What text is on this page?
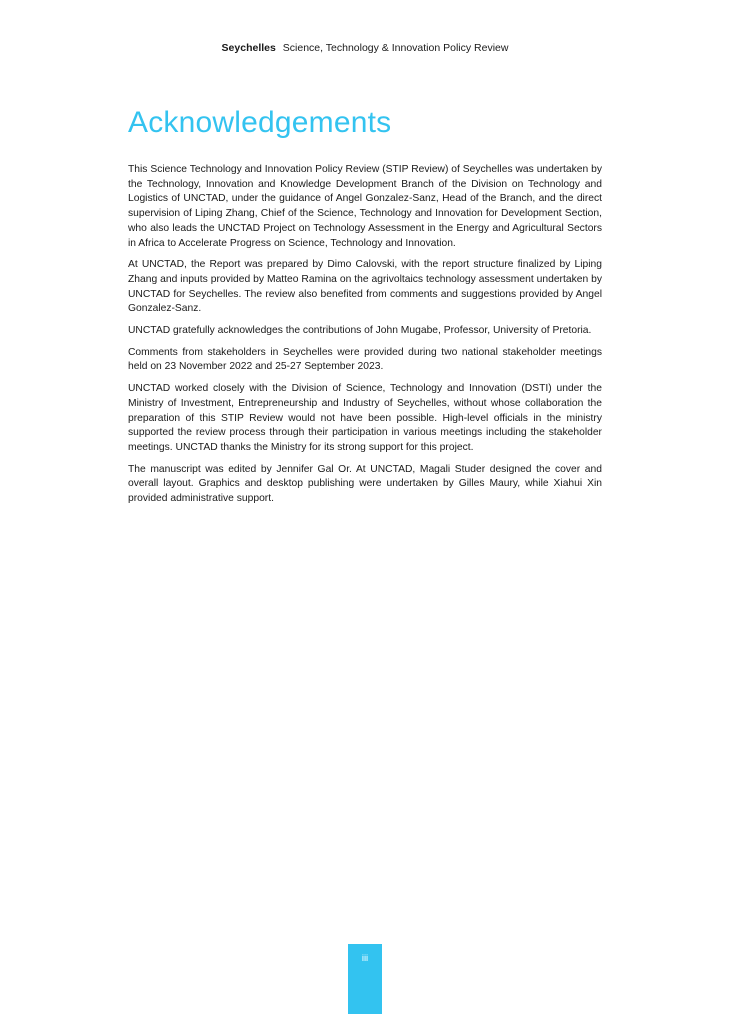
Seychelles Science, Technology & Innovation Policy Review
Acknowledgements

This Science Technology and Innovation Policy Review (STIP Review) of Seychelles was undertaken by the Technology, Innovation and Knowledge Development Branch of the Division on Technology and Logistics of UNCTAD, under the guidance of Angel Gonzalez-Sanz, Head of the Branch, and the direct supervision of Liping Zhang, Chief of the Science, Technology and Innovation for Development Section, who also leads the UNCTAD Project on Technology Assessment in the Energy and Agricultural Sectors in Africa to Accelerate Progress on Science, Technology and Innovation.

At UNCTAD, the Report was prepared by Dimo Calovski, with the report structure finalized by Liping Zhang and inputs provided by Matteo Ramina on the agrivoltaics technology assessment undertaken by UNCTAD for Seychelles. The review also benefited from comments and suggestions provided by Angel Gonzalez-Sanz.

UNCTAD gratefully acknowledges the contributions of John Mugabe, Professor, University of Pretoria.

Comments from stakeholders in Seychelles were provided during two national stakeholder meetings held on 23 November 2022 and 25-27 September 2023.

UNCTAD worked closely with the Division of Science, Technology and Innovation (DSTI) under the Ministry of Investment, Entrepreneurship and Industry of Seychelles, without whose collaboration the preparation of this STIP Review would not have been possible. High-level officials in the ministry supported the review process through their participation in various meetings including the stakeholder meetings. UNCTAD thanks the Ministry for its strong support for this project.

The manuscript was edited by Jennifer Gal Or. At UNCTAD, Magali Studer designed the cover and overall layout. Graphics and desktop publishing were undertaken by Gilles Maury, while Xiahui Xin provided administrative support.

iii
